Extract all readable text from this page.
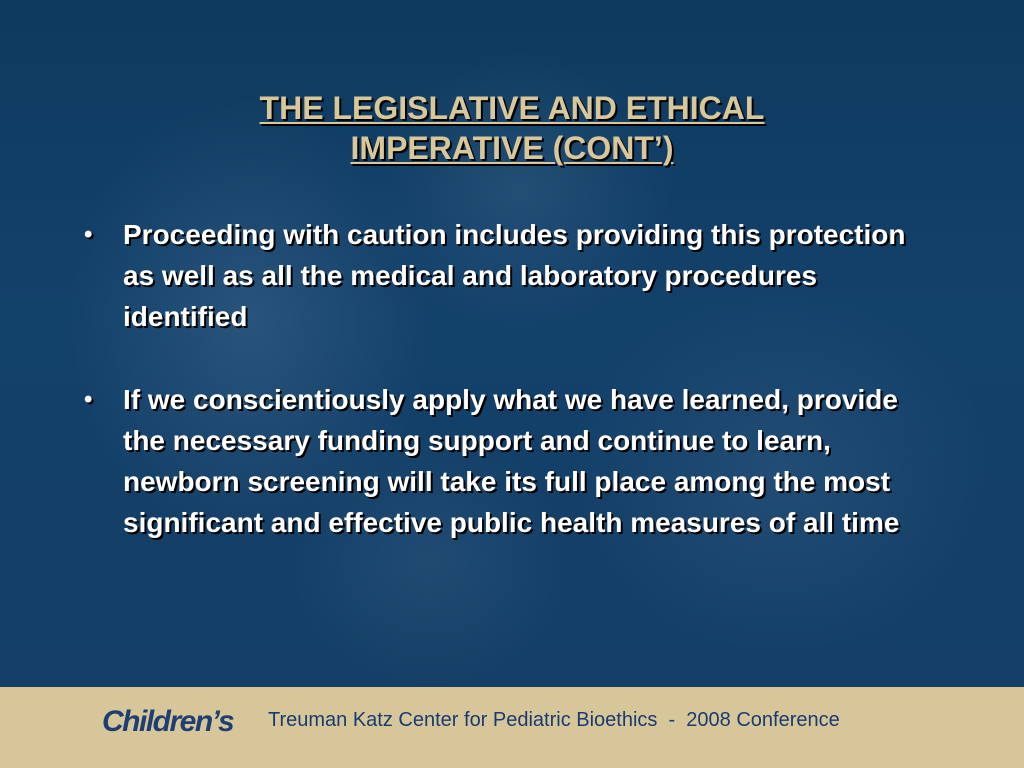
THE LEGISLATIVE AND ETHICAL
IMPERATIVE (CONT’)
•	Proceeding with caution includes providing this protection as well as all the medical and laboratory procedures identified
•	If we conscientiously apply what we have learned, provide the necessary funding support and continue to learn, newborn screening will take its full place among the most significant and effective public health measures of all time
Children’s Treuman Katz Center for Pediatric Bioethics  -  2008 Conference
